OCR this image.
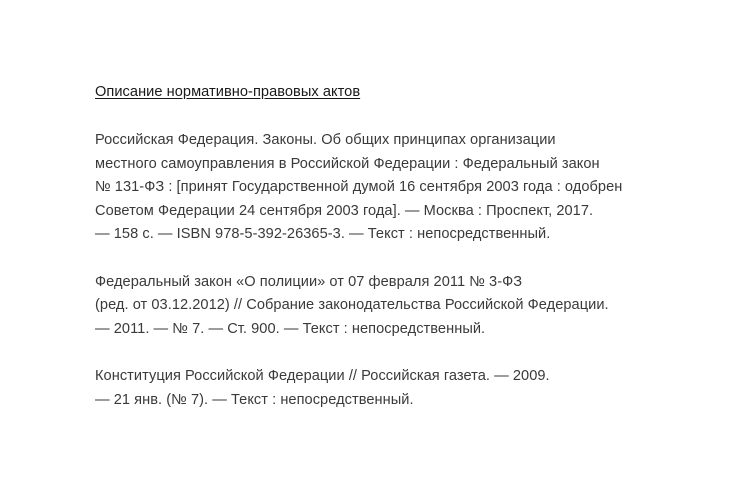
Описание нормативно-правовых актов
Российская Федерация. Законы. Об общих принципах организации
местного самоуправления в Российской Федерации : Федеральный закон
№ 131-ФЗ : [принят Государственной думой 16 сентября 2003 года : одобрен
Советом Федерации 24 сентября 2003 года]. — Москва : Проспект, 2017.
— 158 с. — ISBN 978-5-392-26365-3. — Текст : непосредственный.
Федеральный закон «О полиции» от 07 февраля 2011 № 3-ФЗ
(ред. от 03.12.2012) // Собрание законодательства Российской Федерации.
— 2011. — № 7. — Ст. 900. — Текст : непосредственный.
Конституция Российской Федерации // Российская газета. — 2009.
— 21 янв. (№ 7). — Текст : непосредственный.
